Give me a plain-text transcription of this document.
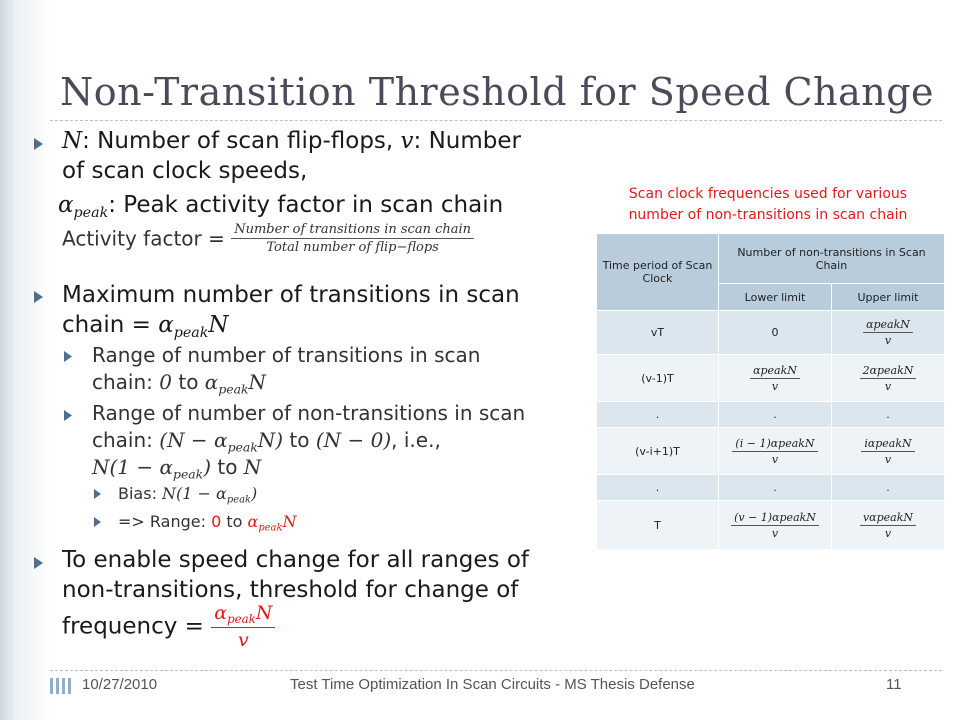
Non-Transition Threshold for Speed Change
N: Number of scan flip-flops, v: Number
of scan clock speeds,
$\alpha_{peak}$: Peak activity factor in scan chain
Activity factor = $\frac{\text{Number of transitions in scan chain}}{\text{Total number of flip−flops}}$
Maximum number of transitions in scan
chain = $\alpha_{peak}N$
Range of number of transitions in scan
chain: 0 to $\alpha_{peak}N$
Range of number of non-transitions in scan
chain: $(N - \alpha_{peak}N)$ to (N − 0), i.e.,
$N(1 - \alpha_{peak})$ to N
Bias: $N(1 - \alpha_{peak})$
=> Range: 0 to $\alpha_{peak}N$
To enable speed change for all ranges of
non-transitions, threshold for change of
frequency = $\frac{\alpha_{peak}N}{v}$
Scan clock frequencies used for various
number of non-transitions in scan chain
Time period of Scan Clock	Number of non-transitions in Scan Chain	
	Lower limit	Upper limit
vT	0	$\frac{\text{αpeakN}}{v}$

(v-1)T	$\frac{\text{αpeakN}}{v}$	$\frac{\text{2αpeakN}}{v}$

.	.	.
(v-i+1)T	$\frac{\text{(i − 1)αpeakN}}{v}$	$\frac{\text{iαpeakN}}{v}$

.	.	.
T	$\frac{\text{(v − 1)αpeakN}}{v}$	$\frac{\text{vαpeakN}}{v}$
10/27/2010	Test Time Optimization In Scan Circuits - MS Thesis Defense	11
